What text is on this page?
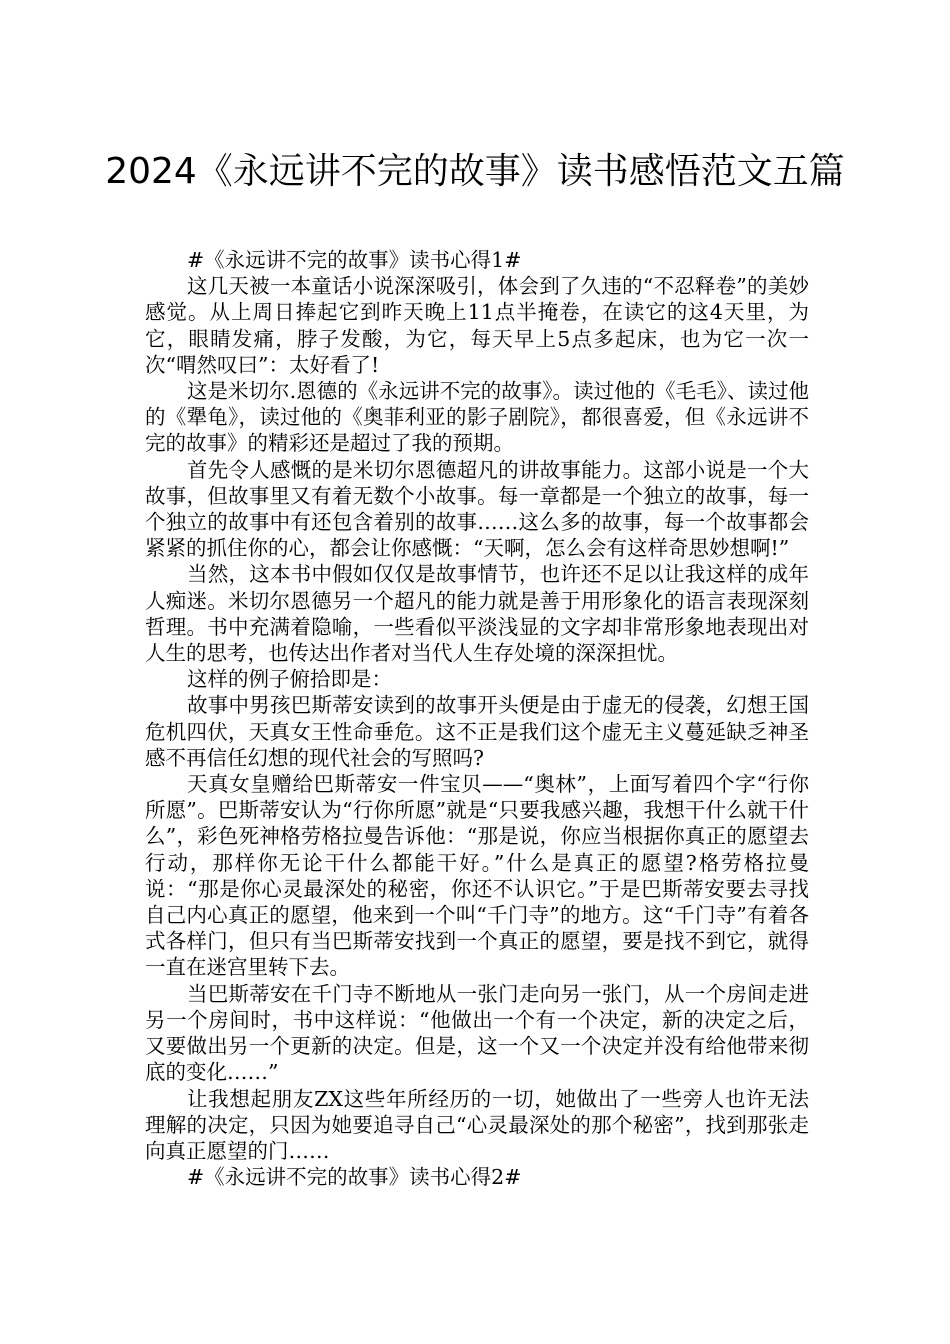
2024《永远讲不完的故事》读书感悟范文五篇

#《永远讲不完的故事》读书心得1#

这几天被一本童话小说深深吸引，体会到了久违的“不忍释卷”的美妙感觉。从上周日捧起它到昨天晚上11点半掩卷，在读它的这4天里，为它，眼睛发痛，脖子发酸，为它，每天早上5点多起床，也为它一次一次“喟然叹曰”：太好看了!

这是米切尔.恩德的《永远讲不完的故事》。读过他的《毛毛》、读过他的《犟龟》，读过他的《奥菲利亚的影子剧院》，都很喜爱，但《永远讲不完的故事》的精彩还是超过了我的预期。

首先令人感慨的是米切尔恩德超凡的讲故事能力。这部小说是一个大故事，但故事里又有着无数个小故事。每一章都是一个独立的故事，每一个独立的故事中有还包含着别的故事……这么多的故事，每一个故事都会紧紧的抓住你的心，都会让你感慨：“天啊，怎么会有这样奇思妙想啊!”

当然，这本书中假如仅仅是故事情节，也许还不足以让我这样的成年人痴迷。米切尔恩德另一个超凡的能力就是善于用形象化的语言表现深刻哲理。书中充满着隐喻，一些看似平淡浅显的文字却非常形象地表现出对人生的思考，也传达出作者对当代人生存处境的深深担忧。

这样的例子俯拾即是：

故事中男孩巴斯蒂安读到的故事开头便是由于虚无的侵袭，幻想王国危机四伏，天真女王性命垂危。这不正是我们这个虚无主义蔓延缺乏神圣感不再信任幻想的现代社会的写照吗?

天真女皇赠给巴斯蒂安一件宝贝——“奥林”，上面写着四个字“行你所愿”。巴斯蒂安认为“行你所愿”就是“只要我感兴趣，我想干什么就干什么”，彩色死神格劳格拉曼告诉他：“那是说，你应当根据你真正的愿望去行动，那样你无论干什么都能干好。”什么是真正的愿望?格劳格拉曼说：“那是你心灵最深处的秘密，你还不认识它。”于是巴斯蒂安要去寻找自己内心真正的愿望，他来到一个叫“千门寺”的地方。这“千门寺”有着各式各样门，但只有当巴斯蒂安找到一个真正的愿望，要是找不到它，就得一直在迷宫里转下去。

当巴斯蒂安在千门寺不断地从一张门走向另一张门，从一个房间走进另一个房间时，书中这样说：“他做出一个有一个决定，新的决定之后，又要做出另一个更新的决定。但是，这一个又一个决定并没有给他带来彻底的变化……”

让我想起朋友ZX这些年所经历的一切，她做出了一些旁人也许无法理解的决定，只因为她要追寻自己“心灵最深处的那个秘密”，找到那张走向真正愿望的门……

#《永远讲不完的故事》读书心得2#
